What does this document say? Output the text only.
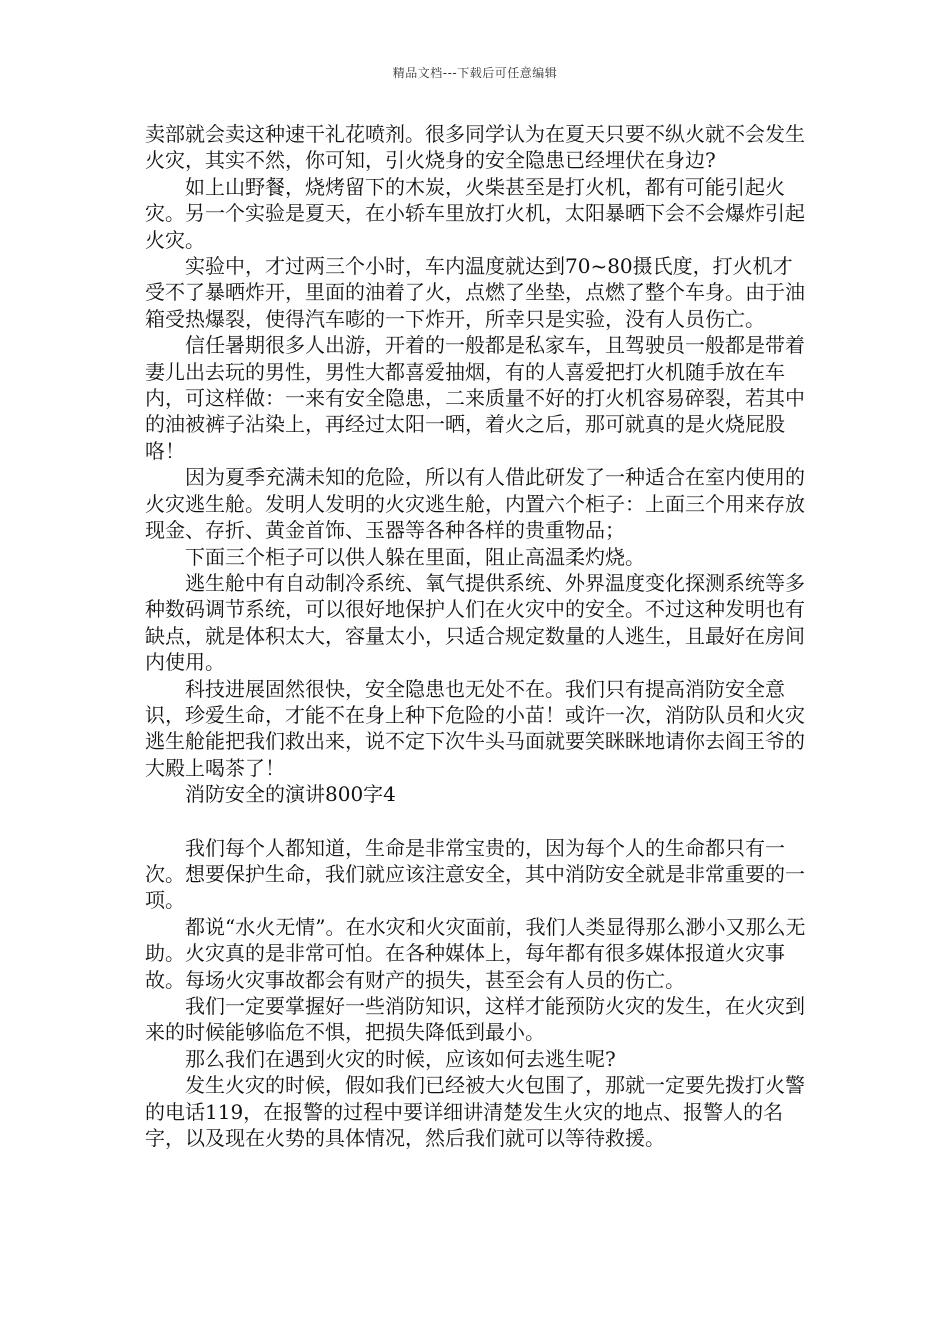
精品文档---下载后可任意编辑

卖部就会卖这种速干礼花喷剂。很多同学认为在夏天只要不纵火就不会发生火灾，其实不然，你可知，引火烧身的安全隐患已经埋伏在身边?

如上山野餐，烧烤留下的木炭，火柴甚至是打火机，都有可能引起火灾。另一个实验是夏天，在小轿车里放打火机，太阳暴晒下会不会爆炸引起火灾。

实验中，才过两三个小时，车内温度就达到70~80摄氏度，打火机才受不了暴晒炸开，里面的油着了火，点燃了坐垫，点燃了整个车身。由于油箱受热爆裂，使得汽车嘭的一下炸开，所幸只是实验，没有人员伤亡。

信任暑期很多人出游，开着的一般都是私家车，且驾驶员一般都是带着妻儿出去玩的男性，男性大都喜爱抽烟，有的人喜爱把打火机随手放在车内，可这样做：一来有安全隐患，二来质量不好的打火机容易碎裂，若其中的油被裤子沾染上，再经过太阳一晒，着火之后，那可就真的是火烧屁股咯！

因为夏季充满未知的危险，所以有人借此研发了一种适合在室内使用的火灾逃生舱。发明人发明的火灾逃生舱，内置六个柜子：上面三个用来存放现金、存折、黄金首饰、玉器等各种各样的贵重物品；

下面三个柜子可以供人躲在里面，阻止高温柔灼烧。

逃生舱中有自动制冷系统、氧气提供系统、外界温度变化探测系统等多种数码调节系统，可以很好地保护人们在火灾中的安全。不过这种发明也有缺点，就是体积太大，容量太小，只适合规定数量的人逃生，且最好在房间内使用。

科技进展固然很快，安全隐患也无处不在。我们只有提高消防安全意识，珍爱生命，才能不在身上种下危险的小苗！或许一次，消防队员和火灾逃生舱能把我们救出来，说不定下次牛头马面就要笑眯眯地请你去阎王爷的大殿上喝茶了！

消防安全的演讲800字4

我们每个人都知道，生命是非常宝贵的，因为每个人的生命都只有一次。想要保护生命，我们就应该注意安全，其中消防安全就是非常重要的一项。

都说“水火无情”。在水灾和火灾面前，我们人类显得那么渺小又那么无助。火灾真的是非常可怕。在各种媒体上，每年都有很多媒体报道火灾事故。每场火灾事故都会有财产的损失，甚至会有人员的伤亡。

我们一定要掌握好一些消防知识，这样才能预防火灾的发生，在火灾到来的时候能够临危不惧，把损失降低到最小。

那么我们在遇到火灾的时候，应该如何去逃生呢?

发生火灾的时候，假如我们已经被大火包围了，那就一定要先拨打火警的电话119，在报警的过程中要详细讲清楚发生火灾的地点、报警人的名字，以及现在火势的具体情况，然后我们就可以等待救援。
